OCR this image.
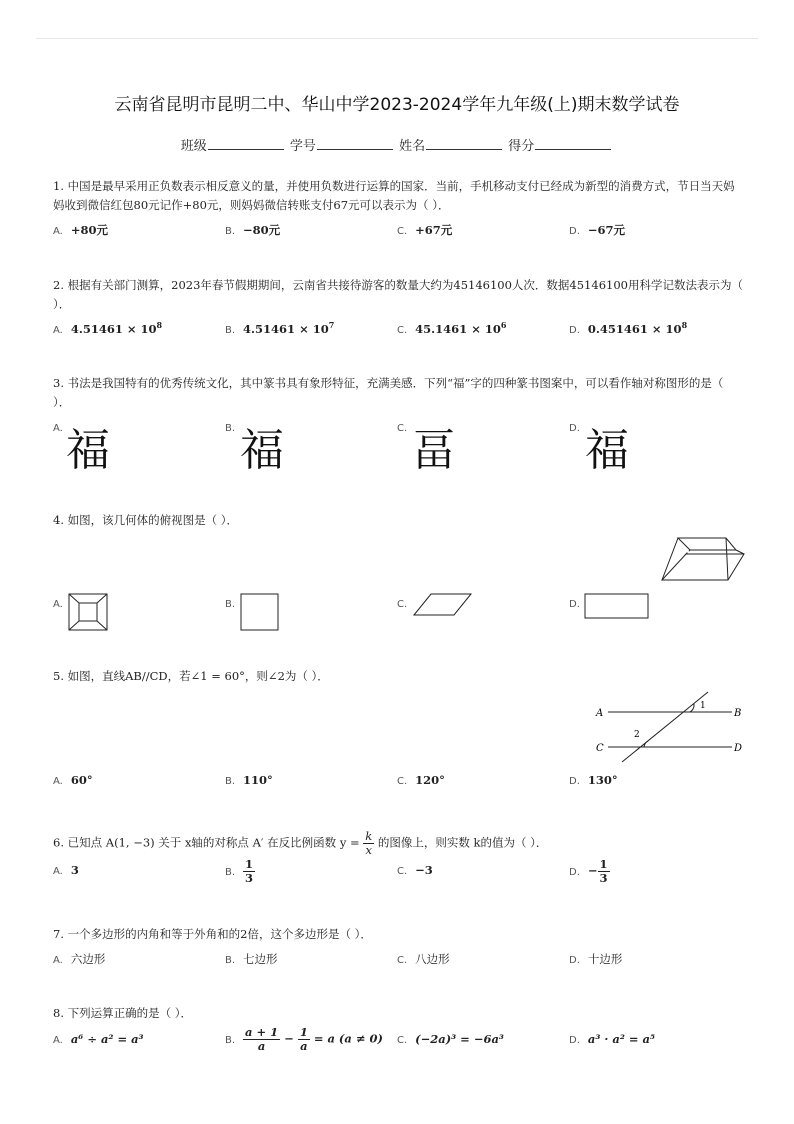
云南省昆明市昆明二中、华山中学2023-2024学年九年级(上)期末数学试卷
班级	学号	姓名	得分

1. 中国是最早采用正负数表示相反意义的量，并使用负数进行运算的国家．当前，手机移动支付已经成为新型的消费方式，节日当天妈妈收到微信红包80元记作+80元，则妈妈微信转账支付67元可以表示为（ ）．

A. +80元	B. −80元	C. +67元	D. −67元

2. 根据有关部门测算，2023年春节假期期间，云南省共接待游客的数量大约为45146100人次．数据45146100用科学记数法表示为（ ）．

A. $4.51461 \times 10^8$	B. $4.51461 \times 10^7$	C. $45.1461 \times 10^6$	D. $0.451461 \times 10^8$

3. 书法是我国特有的优秀传统文化，其中篆书具有象形特征，充满美感．下列“福”字的四种篆书图案中，可以看作轴对称图形的是（ ）．

A. 福	B. 福	C. 畐	D. 福

4. 如图，该几何体的俯视图是（ ）．

A.	B.	C.	D.

5. 如图，直线AB//CD，若∠1 = 60°，则∠2为（ ）．

A	B
C	D
1
2
A. 60°	B. 110°	C. 120°	D. 130°

6. 已知点 A(1, −3) 关于 x轴的对称点 A′ 在反比例函数 $y = \frac{k}{x}$ 的图像上，则实数 k的值为（ ）．

A. 3	B. $\frac{1}{3}$	C. −3	D. − $\frac{1}{3}$

7. 一个多边形的内角和等于外角和的2倍，这个多边形是（ ）．

A. 六边形	B. 七边形	C. 八边形	D. 十边形

8. 下列运算正确的是（ ）．

A. a⁶ ÷ a² = a³	B. $\frac{a + 1}{a} - \frac{1}{a} = a$ (a ≠ 0) C. (−2a)³ = −6a³	D. a³ · a² = a⁵
